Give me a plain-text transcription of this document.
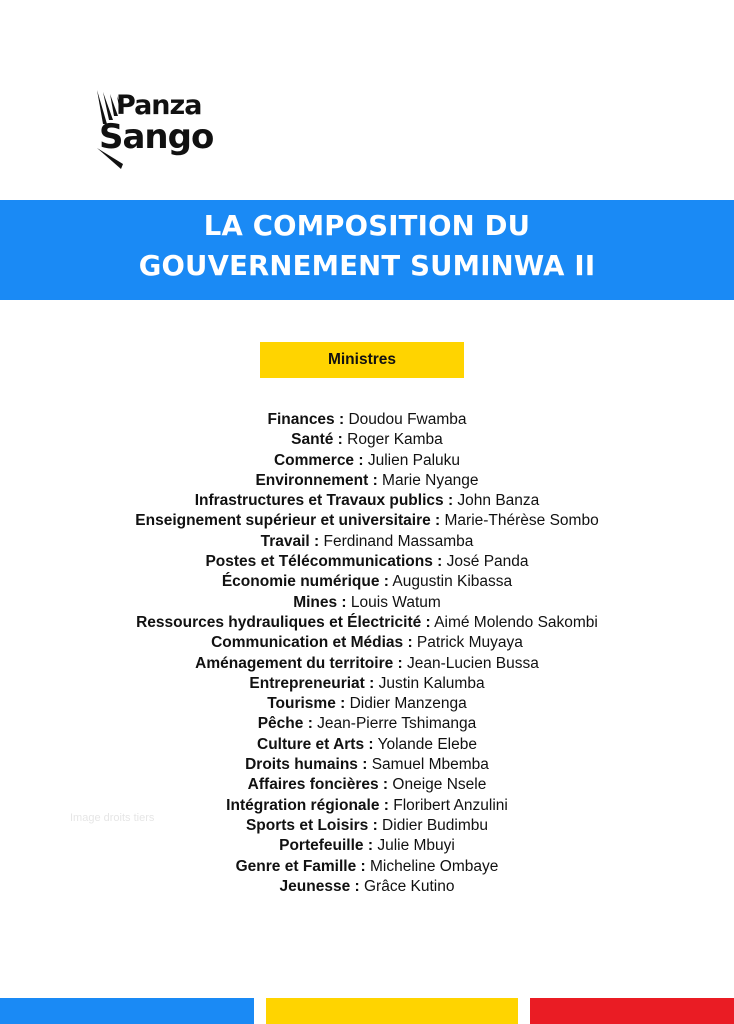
Panza
Sango
LA COMPOSITION DU
GOUVERNEMENT SUMINWA II
Ministres
Finances : Doudou Fwamba
Santé : Roger Kamba
Commerce : Julien Paluku
Environnement : Marie Nyange
Infrastructures et Travaux publics : John Banza
Enseignement supérieur et universitaire : Marie-Thérèse Sombo
Travail : Ferdinand Massamba
Postes et Télécommunications : José Panda
Économie numérique : Augustin Kibassa
Mines : Louis Watum
Ressources hydrauliques et Électricité : Aimé Molendo Sakombi
Communication et Médias : Patrick Muyaya
Aménagement du territoire : Jean-Lucien Bussa
Entrepreneuriat : Justin Kalumba
Tourisme : Didier Manzenga
Pêche : Jean-Pierre Tshimanga
Culture et Arts : Yolande Elebe
Droits humains : Samuel Mbemba
Affaires foncières : Oneige Nsele
Intégration régionale : Floribert Anzulini
Sports et Loisirs : Didier Budimbu
Portefeuille : Julie Mbuyi
Genre et Famille : Micheline Ombaye
Jeunesse : Grâce Kutino
Image droits tiers
